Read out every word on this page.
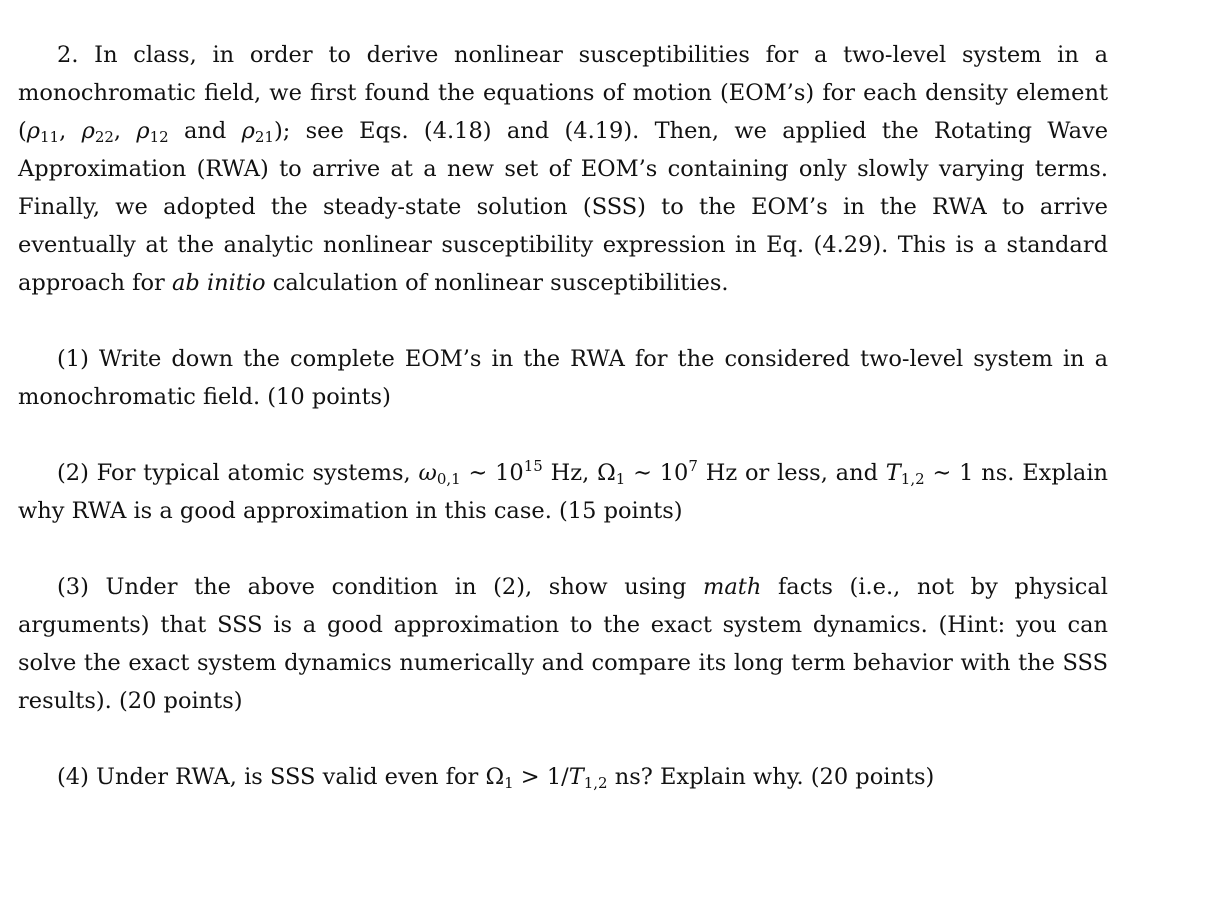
2. In class, in order to derive nonlinear susceptibilities for a two-level system in a monochromatic field, we first found the equations of motion (EOM’s) for each density element ($\rho_{11}$, $\rho_{22}$, $\rho_{12}$ and $\rho_{21}$); see Eqs. (4.18) and (4.19). Then, we applied the Rotating Wave Approximation (RWA) to arrive at a new set of EOM’s containing only slowly varying terms. Finally, we adopted the steady-state solution (SSS) to the EOM’s in the RWA to arrive eventually at the analytic nonlinear susceptibility expression in Eq. (4.29). This is a standard approach for ab initio calculation of nonlinear susceptibilities.

(1) Write down the complete EOM’s in the RWA for the considered two-level system in a monochromatic field. (10 points)

(2) For typical atomic systems, $\omega_{0,1}$ ∼ $10^{15}$ Hz, $\Omega_1$ ∼ $10^7$ Hz or less, and $T_{1,2}$ ∼ 1 ns. Explain why RWA is a good approximation in this case. (15 points)

(3) Under the above condition in (2), show using math facts (i.e., not by physical arguments) that SSS is a good approximation to the exact system dynamics. (Hint: you can solve the exact system dynamics numerically and compare its long term behavior with the SSS results). (20 points)

(4) Under RWA, is SSS valid even for $\Omega_1 > 1/T_{1,2}$ ns? Explain why. (20 points)
